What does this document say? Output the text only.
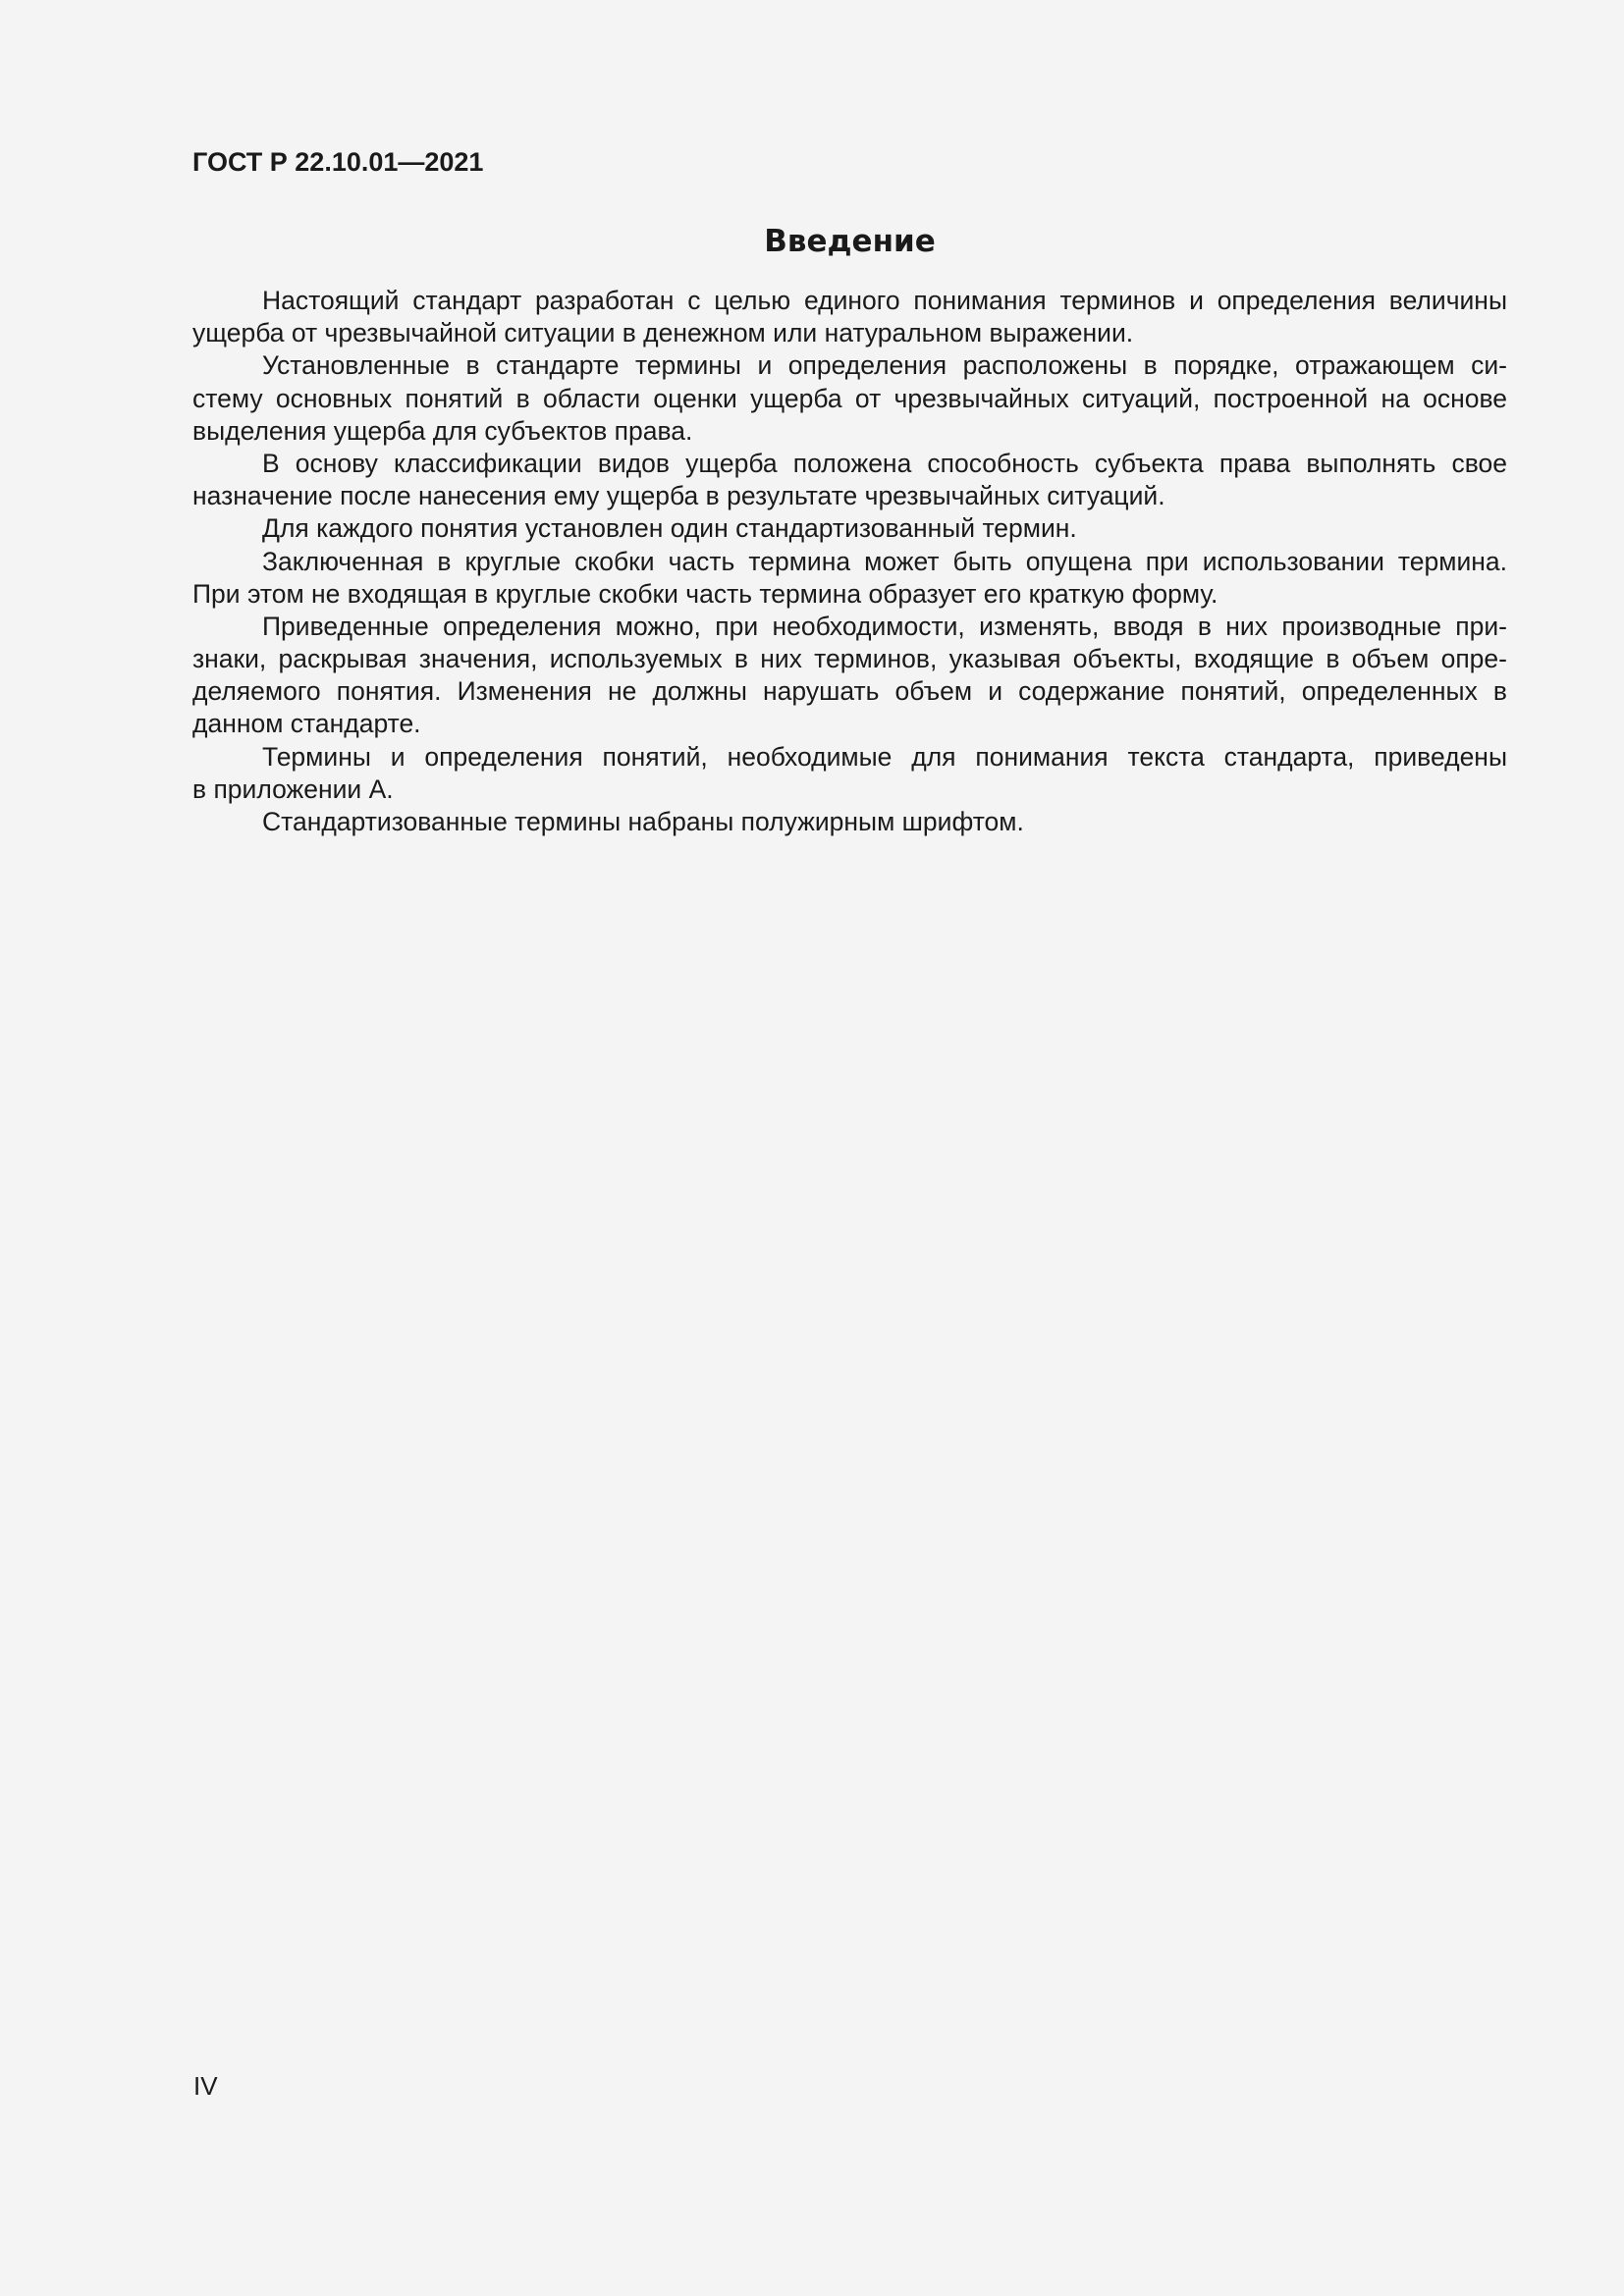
ГОСТ Р 22.10.01—2021
Введение
Настоящий стандарт разработан с целью единого понимания терминов и определения величины
ущерба от чрезвычайной ситуации в денежном или натуральном выражении.
Установленные в стандарте термины и определения расположены в порядке, отражающем си-
стему основных понятий в области оценки ущерба от чрезвычайных ситуаций, построенной на основе
выделения ущерба для субъектов права.
В основу классификации видов ущерба положена способность субъекта права выполнять свое
назначение после нанесения ему ущерба в результате чрезвычайных ситуаций.
Для каждого понятия установлен один стандартизованный термин.
Заключенная в круглые скобки часть термина может быть опущена при использовании термина.
При этом не входящая в круглые скобки часть термина образует его краткую форму.
Приведенные определения можно, при необходимости, изменять, вводя в них производные при-
знаки, раскрывая значения, используемых в них терминов, указывая объекты, входящие в объем опре-
деляемого понятия. Изменения не должны нарушать объем и содержание понятий, определенных в
данном стандарте.
Термины и определения понятий, необходимые для понимания текста стандарта, приведены
в приложении А.
Стандартизованные термины набраны полужирным шрифтом.
IV
